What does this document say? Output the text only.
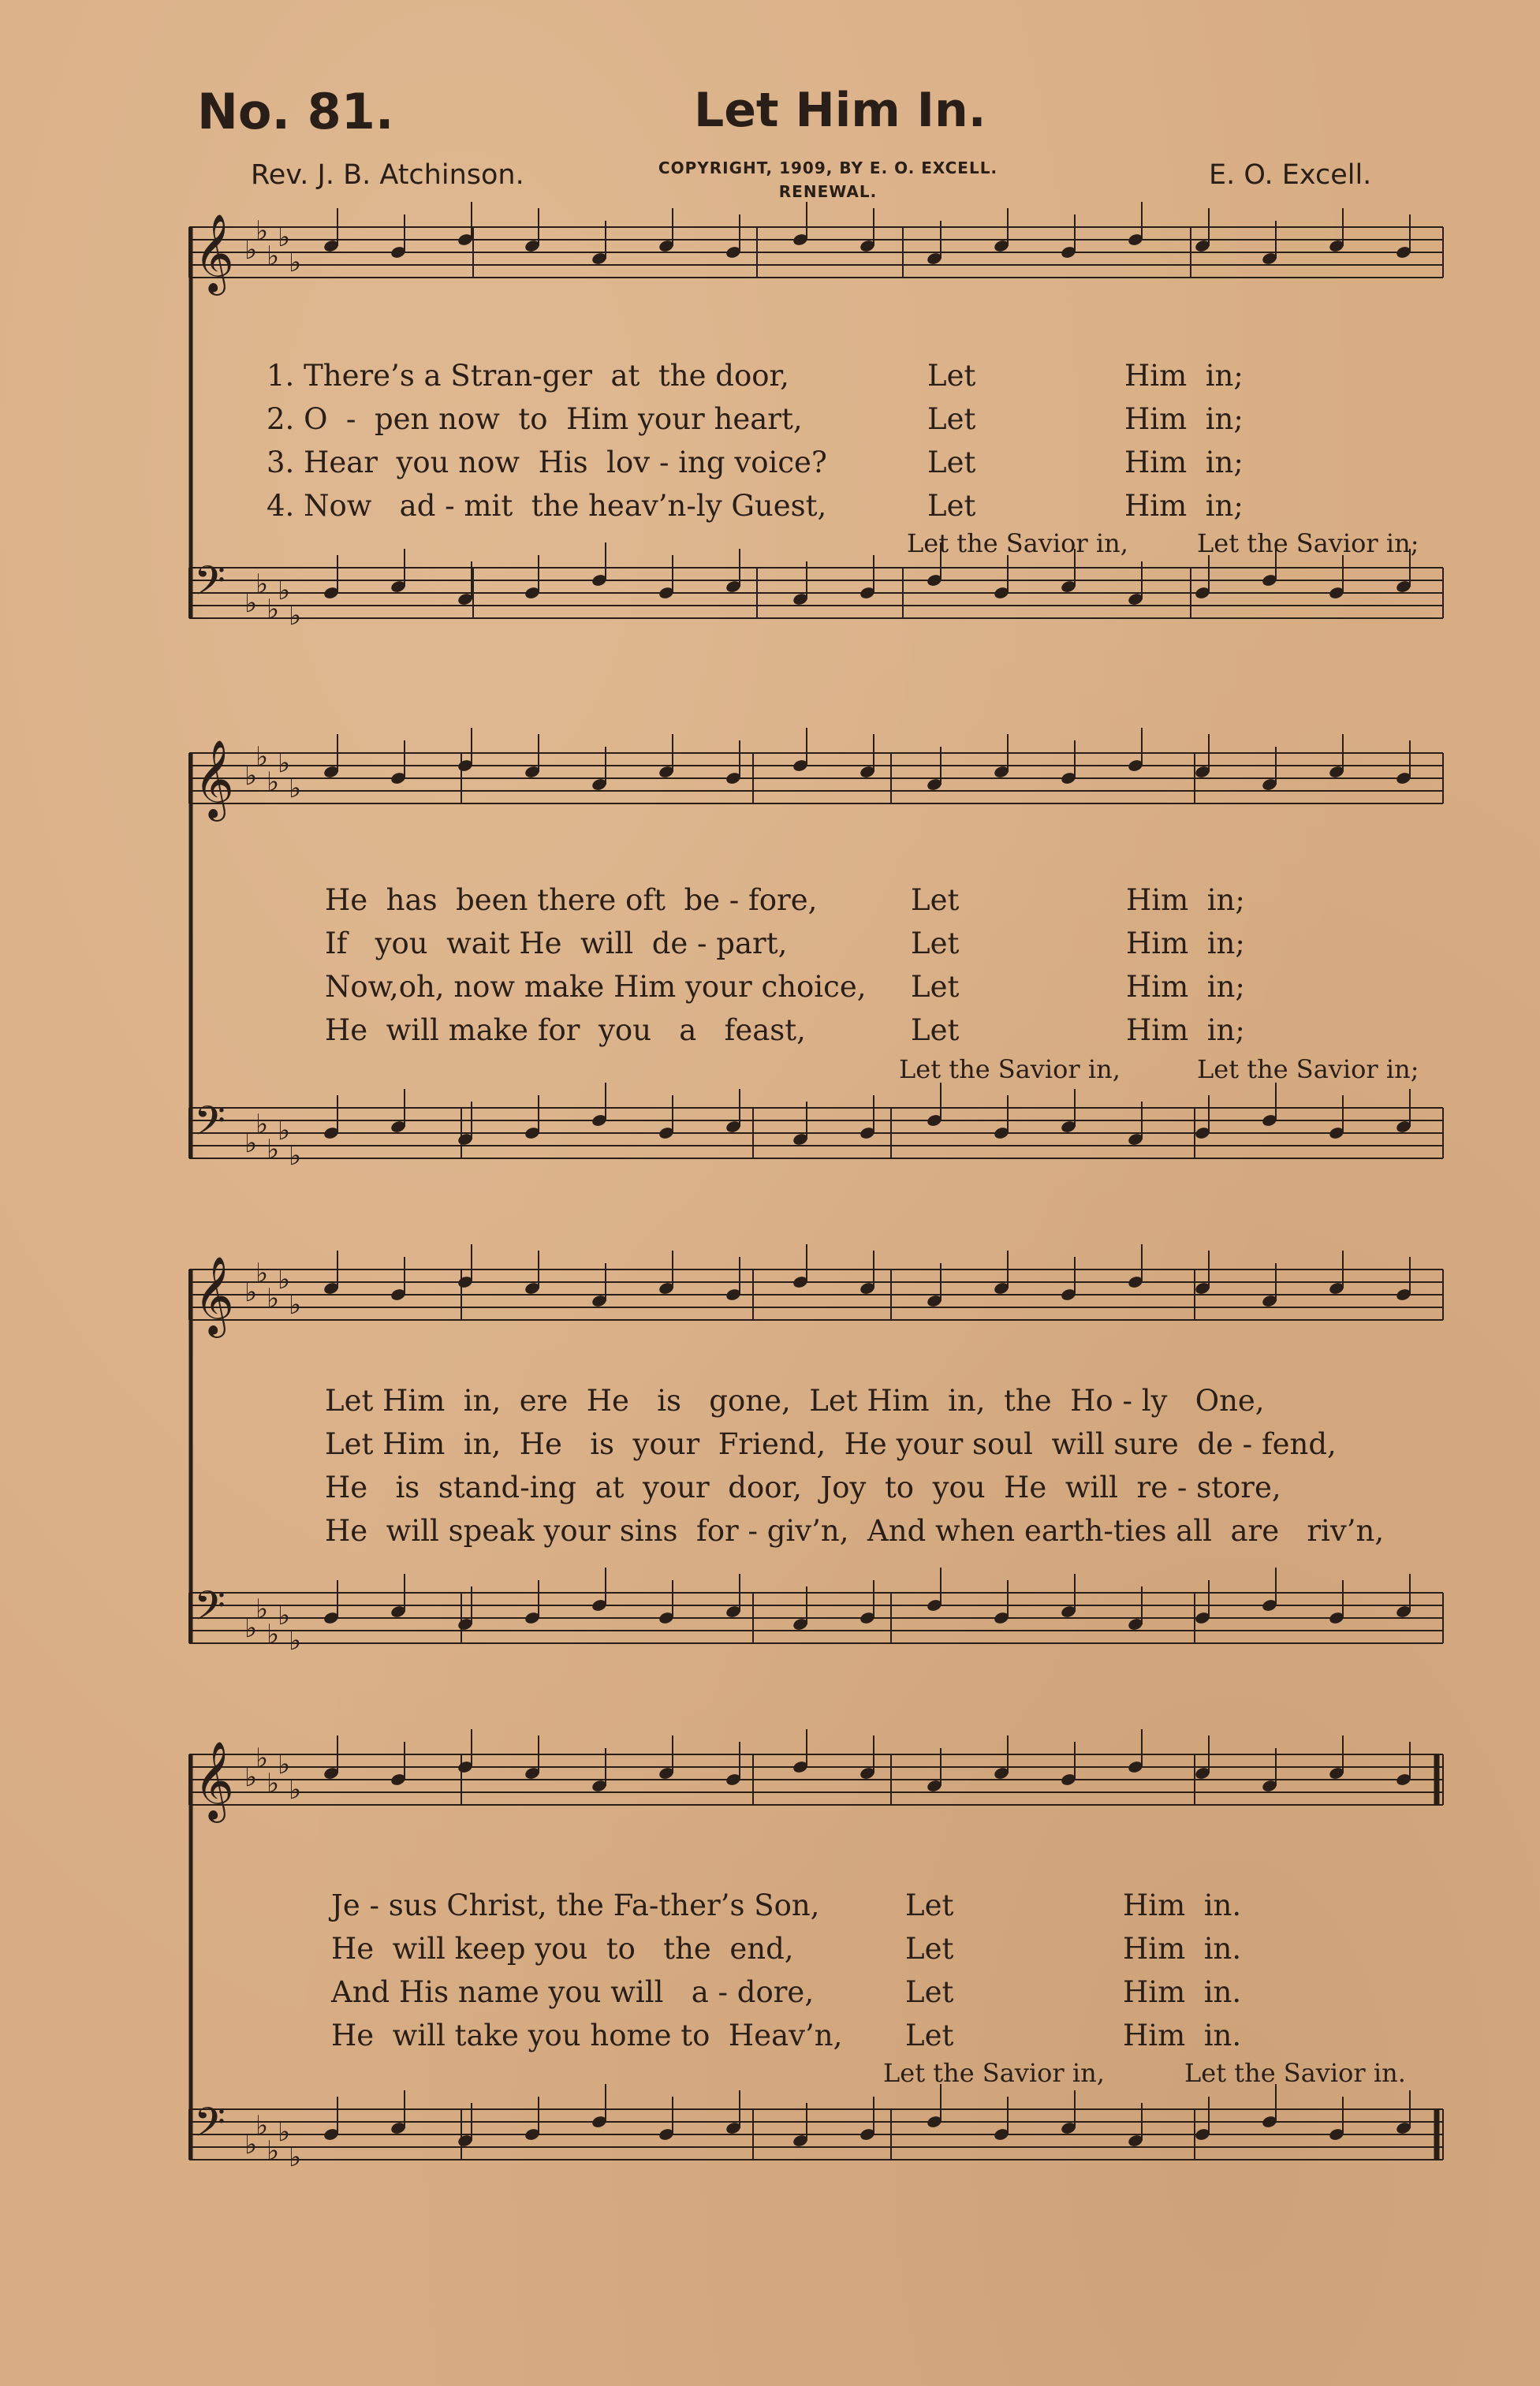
No. 81.	Let Him In.
Rev. J. B. Atchinson.	COPYRIGHT, 1909, BY E. O. EXCELL.
RENEWAL.
E. O. Excell.
𝄞 ♭
♭
♭
♭
♭
𝄢 ♭
♭
♭
♭
♭
1. There’s a Stran-ger  at  the door,	Let	Him  in;
2. O  -  pen now  to  Him your heart,	Let	Him  in;
3. Hear  you now  His  lov - ing voice?	Let	Him  in;
4. Now   ad - mit  the heav’n-ly Guest,	Let	Him  in;
Let the Savior in,	Let the Savior in;
𝄞 ♭
♭
♭
♭
♭
𝄢 ♭
♭
♭
♭
♭
He  has  been there oft  be - fore,	Let	Him  in;
If   you  wait He  will  de - part,	Let	Him  in;
Now,oh, now make Him your choice, Let	Him  in;
He  will make for  you   a   feast,	Let	Him  in;
Let the Savior in,	Let the Savior in;
𝄞 ♭
♭
♭
♭
♭
𝄢 ♭
♭
♭
♭
♭
Let Him  in,  ere  He   is   gone,  Let Him  in,  the  Ho - ly   One,
Let Him  in,  He   is  your  Friend,  He your soul  will sure  de - fend,
He   is  stand-ing  at  your  door,  Joy  to  you  He  will  re - store,
He  will speak your sins  for - giv’n,  And when earth-ties all  are   riv’n,
𝄞 ♭
♭
♭
♭
♭
𝄢 ♭
♭
♭
♭
♭
Je - sus Christ, the Fa-ther’s Son,	Let	Him  in.
He  will keep you  to   the  end,	Let	Him  in.
And His name you will   a - dore,	Let	Him  in.
He  will take you home to  Heav’n, Let	Him  in.
Let the Savior in,	Let the Savior in.
